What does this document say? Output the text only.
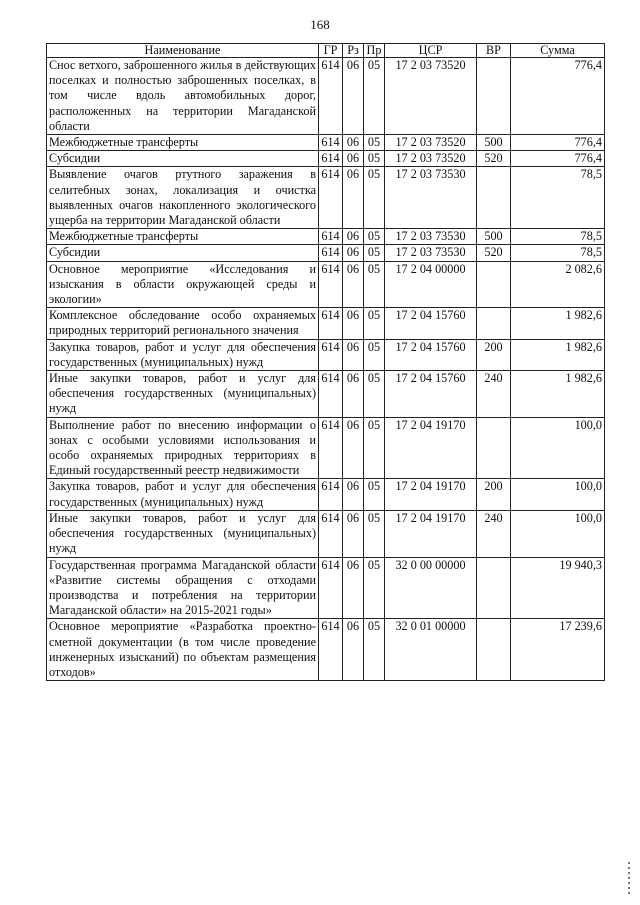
168
Наименование	ГР	Рз	Пр	ЦСР	ВР	Сумма
Снос ветхого, заброшенного жилья в действующих поселках и полностью заброшенных поселках, в том числе вдоль автомобильных дорог, расположенных на территории Магаданской области	614	06	05	17 2 03 73520		776,4
Межбюджетные трансферты	614	06	05	17 2 03 73520	500	776,4
Субсидии	614	06	05	17 2 03 73520	520	776,4
Выявление очагов ртутного заражения в селитебных зонах, локализация и очистка выявленных очагов накопленного экологического ущерба на территории Магаданской области	614	06	05	17 2 03 73530		78,5
Межбюджетные трансферты	614	06	05	17 2 03 73530	500	78,5
Субсидии	614	06	05	17 2 03 73530	520	78,5
Основное мероприятие «Исследования и изыскания в области окружающей среды и экологии»	614	06	05	17 2 04 00000		2 082,6
Комплексное обследование особо охраняемых природных территорий регионального значения	614	06	05	17 2 04 15760		1 982,6
Закупка товаров, работ и услуг для обеспечения государственных (муниципальных) нужд	614	06	05	17 2 04 15760	200	1 982,6
Иные закупки товаров, работ и услуг для обеспечения государственных (муниципальных) нужд	614	06	05	17 2 04 15760	240	1 982,6
Выполнение работ по внесению информации о зонах с особыми условиями использования и особо охраняемых природных территориях в Единый государственный реестр недвижимости	614	06	05	17 2 04 19170		100,0
Закупка товаров, работ и услуг для обеспечения государственных (муниципальных) нужд	614	06	05	17 2 04 19170	200	100,0
Иные закупки товаров, работ и услуг для обеспечения государственных (муниципальных) нужд	614	06	05	17 2 04 19170	240	100,0
Государственная программа Магаданской области «Развитие системы обращения с отходами производства и потребления на территории Магаданской области» на 2015-2021 годы»	614	06	05	32 0 00 00000		19 940,3
Основное мероприятие «Разработка проектно-сметной документации (в том числе проведение инженерных изысканий) по объектам размещения отходов»	614	06	05	32 0 01 00000		17 239,6
